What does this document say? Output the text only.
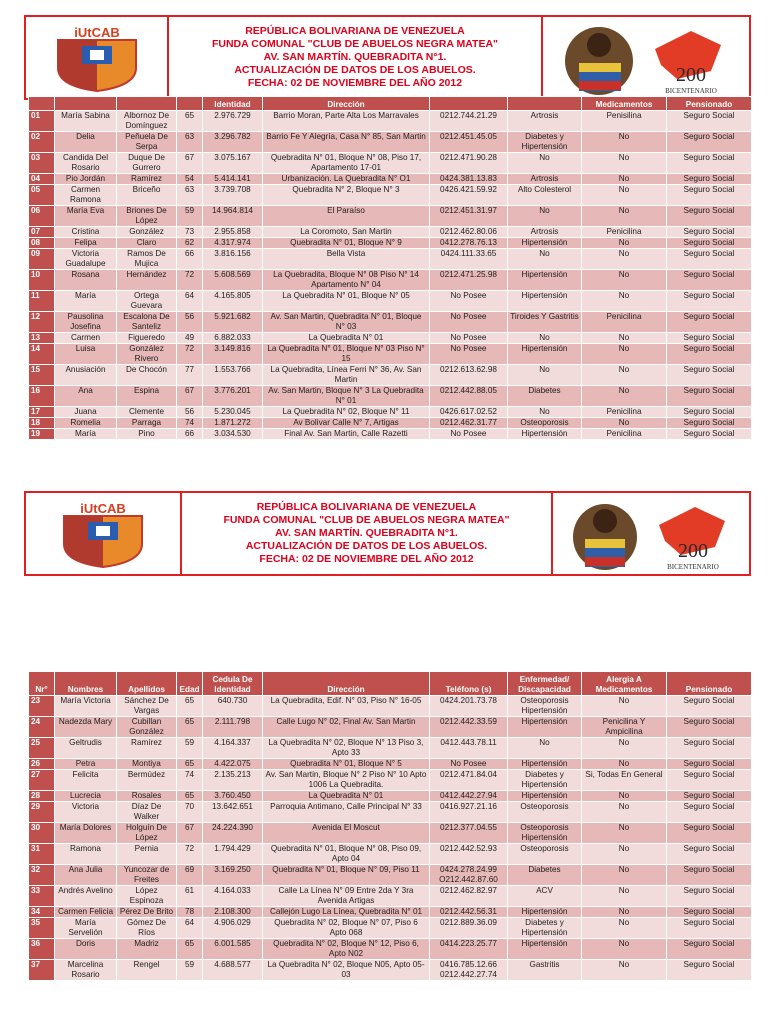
iUtCAB	REPÚBLICA BOLIVARIANA DE VENEZUELA
FUNDA COMUNAL "CLUB DE ABUELOS NEGRA MATEA"
AV. SAN MARTÍN. QUEBRADITA N°1.
ACTUALIZACIÓN DE DATOS DE LOS ABUELOS.
FECHA: 02 DE NOVIEMBRE DEL AÑO 2012	200
BICENTENARIO
				Identidad	Dirección			Medicamentos	Pensionado
01	María Sabina	Albornoz De Domínguez	65	2.976.729	Barrio Moran, Parte Alta Los Marravales	0212.744.21.29	Artrosis	Penisilina	Seguro Social
02	Delia	Peñuela De Serpa	63	3.296.782	Barrio Fe Y Alegría, Casa N° 85, San Martin	0212.451.45.05	Diabetes y Hipertensión	No	Seguro Social
03	Candida Del Rosario	Duque De Gurrero	67	3.075.167	Quebradita N° 01, Bloque N° 08, Piso 17, Apartamento 17-01	0212.471.90.28	No	No	Seguro Social
04	Pio Jordán	Ramírez	54	5.414.141	Urbanización. La Quebradita N° O1	0424.381.13.83	Artrosis	No	Seguro Social
05	Carmen Ramona	Briceño	63	3.739.708	Quebradita N° 2, Bloque N° 3	0426.421.59.92	Alto Colesterol	No	Seguro Social
06	María Eva	Briones De López	59	14.964.814	El Paraíso	0212.451.31.97	No	No	Seguro Social
07	Cristina	González	73	2.955.858	La Coromoto, San Martin	0212.462.80.06	Artrosis	Penicilina	Seguro Social
08	Felipa	Claro	62	4.317.974	Quebradita N° 01, Bloque N° 9	0412.278.76.13	Hipertensión	No	Seguro Social
09	Victoria Guadalupe	Ramos De Mujica	66	3.816.156	Bella Vista	0424.111.33.65	No	No	Seguro Social
10	Rosana	Hernández	72	5.608.569	La Quebradita, Bloque N° 08 Piso N° 14 Apartamento N° 04	0212.471.25.98	Hipertensión	No	Seguro Social
11	María	Ortega Guevara	64	4.165.805	La Quebradita N° 01, Bloque N° 05	No Posee	Hipertensión	No	Seguro Social
12	Pausolina Josefina	Escalona De Santeliz	56	5.921.682	Av. San Martin, Quebradita N° 01, Bloque N° 03	No Posee	Tiroides Y Gastritis	Penicilina	Seguro Social
13	Carmen	Figueredo	49	6.882.033	La Quebradita N° 01	No Posee	No	No	Seguro Social
14	Luisa	González Rivero	72	3.149.816	La Quebradita N° 01, Bloque N° 03 Piso N° 15	No Posee	Hipertensión	No	Seguro Social
15	Anusiación	De Chocón	77	1.553.766	La Quebradita, Línea Ferri N° 36, Av. San Martin	0212.613.62.98	No	No	Seguro Social
16	Ana	Espina	67	3.776.201	Av. San Martin, Bloque N° 3 La Quebradita N° 01	0212.442.88.05	Diabetes	No	Seguro Social
17	Juana	Clemente	56	5.230.045	La Quebradita N° 02, Bloque N° 11	0426.617.02.52	No	Penicilina	Seguro Social
18	Romelia	Parraga	74	1.871.272	Av Bolivar Calle N° 7, Artigas	0212.462.31.77	Osteoporosis	No	Seguro Social
19	María	Pino	66	3.034.530	Final Av. San Martin, Calle Razetti	No Posee	Hipertensión	Penicilina	Seguro Social
iUtCAB	REPÚBLICA BOLIVARIANA DE VENEZUELA
FUNDA COMUNAL "CLUB DE ABUELOS NEGRA MATEA"
AV. SAN MARTÍN. QUEBRADITA N°1.
ACTUALIZACIÓN DE DATOS DE LOS ABUELOS.
FECHA: 02 DE NOVIEMBRE DEL AÑO 2012	200
BICENTENARIO
Nr°	Nombres	Apellidos	Edad	Cedula De Identidad	Dirección	Teléfono (s)	Enfermedad/ Discapacidad	Alergia A Medicamentos	Pensionado
23	María Victoria	Sánchez De Vargas	65	640.730	La Quebradita, Edif. N° 03, Piso N° 16-05	0424.201.73.78	Osteoporosis Hipertensión	No	Seguro Social
24	Nadezda Mary	Cubillan González	65	2.111.798	Calle Lugo N° 02, Final Av. San Martin	0212.442.33.59	Hipertensión	Penicilina Y Ampicilina	Seguro Social
25	Geltrudis	Ramírez	59	4.164.337	La Quebradita N° 02, Bloque N° 13 Piso 3, Apto 33	0412.443.78.11	No	No	Seguro Social
26	Petra	Montiya	65	4.422.075	Quebradita N° 01, Bloque N° 5	No Posee	Hipertensión	No	Seguro Social
27	Felicita	Bermúdez	74	2.135.213	Av. San Martin, Bloque N° 2 Piso N° 10 Apto 1006 La Quebradita.	0212.471.84.04	Diabetes y Hipertensión	Si, Todas En General	Seguro Social
28	Lucrecia	Rosales	65	3.760.450	La Quebradita N° 01	0412.442.27.94	Hipertensión	No	Seguro Social
29	Victoria	Díaz De Walker	70	13.642.651	Parroquia Antimano, Calle Principal N° 33	0416.927.21.16	Osteoporosis	No	Seguro Social
30	María Dolores	Holguín De López	67	24.224.390	Avenida El Moscut	0212.377.04.55	Osteoporosis Hipertensión	No	Seguro Social
31	Ramona	Pernia	72	1.794.429	Quebradita N° 01, Bloque N° 08, Piso 09, Apto 04	0212.442.52.93	Osteoporosis	No	Seguro Social
32	Ana Julia	Yuncozar de Freites	69	3.169.250	Quebradita N° 01, Bloque N° 09, Piso 11	0424.278.24.99 O212.442.87.60	Diabetes	No	Seguro Social
33	Andrés Avelino	López Espinoza	61	4.164.033	Calle La Línea N° 09 Entre 2da Y 3ra Avenida Artigas	0212.462.82.97	ACV	No	Seguro Social
34	Carmen Felicia	Pérez De Brito	78	2.108.300	Callejón Lugo La Línea, Quebradita N° 01	0212.442.56.31	Hipertensión	No	Seguro Social
35	María Servelión	Gómez De Ríos	64	4.906.029	Quebradita N° 02, Bloque N° 07, Piso 6 Apto 068	0212.889.36.09	Diabetes y Hipertensión	No	Seguro Social
36	Doris	Madriz	65	6.001.585	Quebradita N° 02, Bloque N° 12, Piso 6, Apto N02	0414.223.25.77	Hipertensión	No	Seguro Social
37	Marcelina Rosario	Rengel	59	4.688.577	La Quebradita N° 02, Bloque N05, Apto 05-03	0416.785.12.66 0212.442.27.74	Gastritis	No	Seguro Social
